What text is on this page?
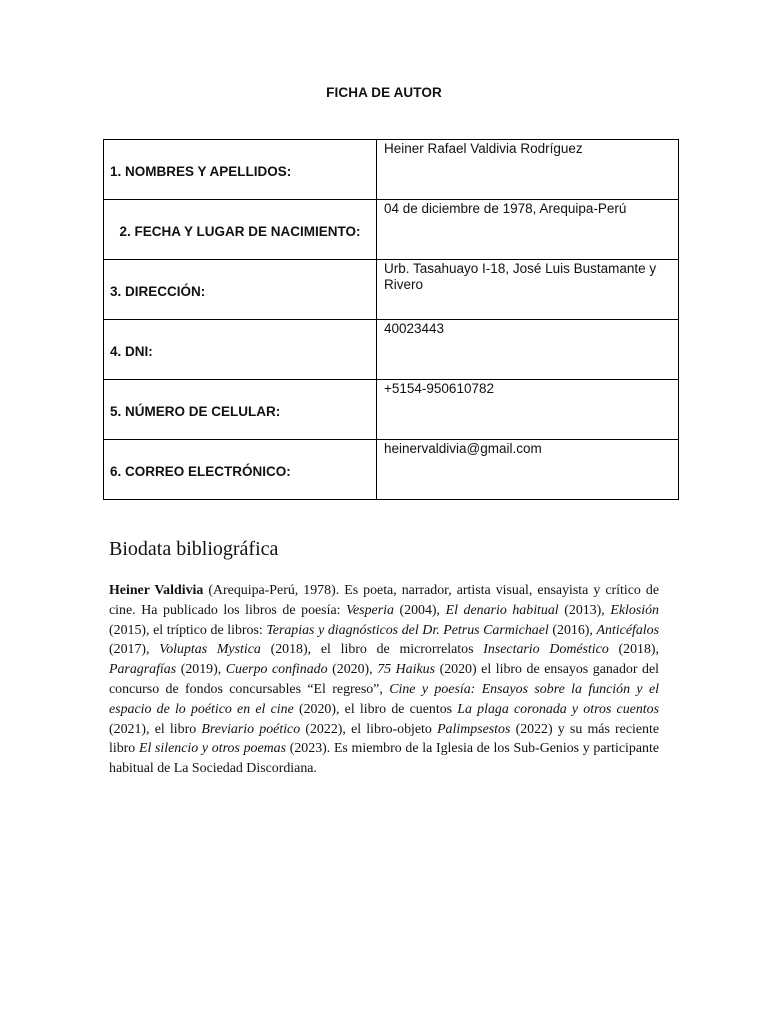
FICHA DE AUTOR
1. NOMBRES Y APELLIDOS:	Heiner Rafael Valdivia Rodríguez
2. FECHA Y LUGAR DE NACIMIENTO:	04 de diciembre de 1978, Arequipa-Perú
3. DIRECCIÓN:	Urb. Tasahuayo I-18, José Luis Bustamante y Rivero
4. DNI:	40023443
5. NÚMERO DE CELULAR:	+5154-950610782
6. CORREO ELECTRÓNICO:	heinervaldivia@gmail.com
Biodata bibliográfica

Heiner Valdivia (Arequipa-Perú, 1978). Es poeta, narrador, artista visual, ensayista y crítico de cine. Ha publicado los libros de poesía: Vesperia (2004), El denario habitual (2013), Eklosión (2015), el tríptico de libros: Terapias y diagnósticos del Dr. Petrus Carmichael (2016), Anticéfalos (2017), Voluptas Mystica (2018), el libro de microrrelatos Insectario Doméstico (2018), Paragrafías (2019), Cuerpo confinado (2020), 75 Haikus (2020) el libro de ensayos ganador del concurso de fondos concursables “El regreso”, Cine y poesía: Ensayos sobre la función y el espacio de lo poético en el cine (2020), el libro de cuentos La plaga coronada y otros cuentos (2021), el libro Breviario poético (2022), el libro-objeto Palimpsestos (2022) y su más reciente libro El silencio y otros poemas (2023). Es miembro de la Iglesia de los Sub-Genios y participante habitual de La Sociedad Discordiana.
